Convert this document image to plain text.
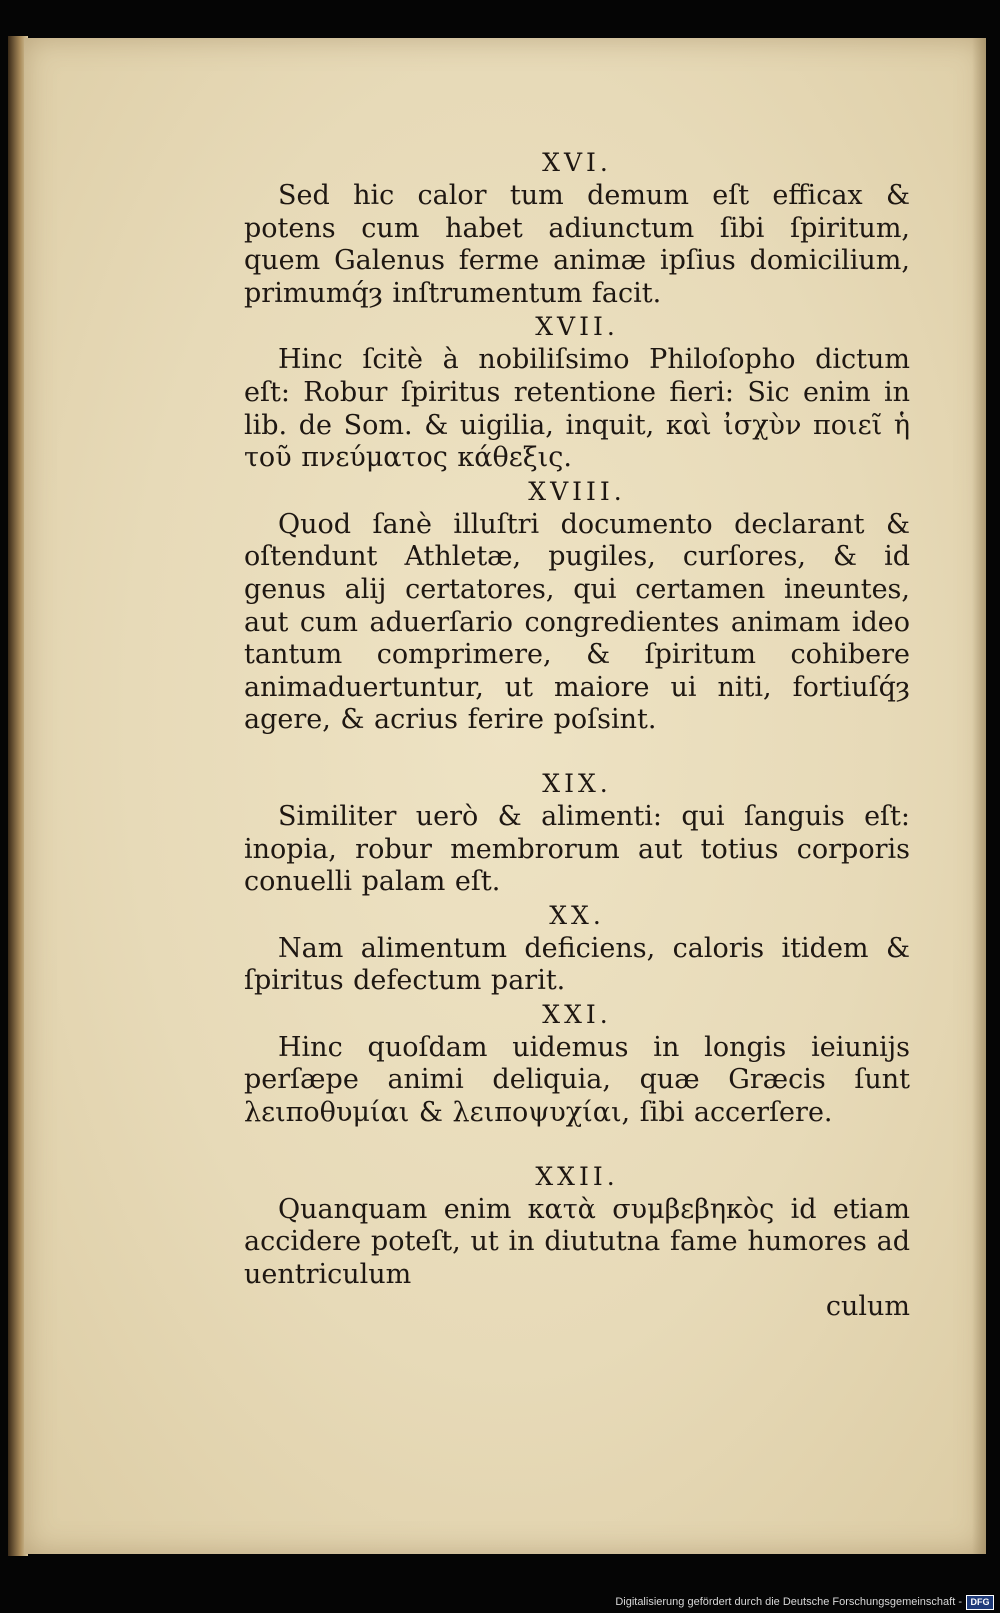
XVI.
Sed hic calor tum demum eſt efficax & potens cum habet adiunctum ſibi ſpiritum, quem Galenus ferme animæ ipſius domicilium, primumq́ȝ inſtrumentum facit.
XVII.
Hinc ſcitè à nobiliſsimo Philoſopho dictum eſt: Robur ſpiritus retentione fieri: Sic enim in lib. de Som. & uigilia, inquit, καὶ ἰσχὺν ποιεῖ ἡ τοῦ πνεύματος κάθεξις.
XVIII.
Quod ſanè illuſtri documento declarant & oſtendunt Athletæ, pugiles, curſores, & id genus alij certatores, qui certamen ineuntes, aut cum aduerſario congredientes animam ideo tantum comprimere, & ſpiritum cohibere animaduertuntur, ut maiore ui niti, fortiuſq́ȝ agere, & acrius ferire poſsint.
XIX.
Similiter uerò & alimenti: qui ſanguis eſt: inopia, robur membrorum aut totius corporis conuelli palam eſt.
XX.
Nam alimentum deficiens, caloris itidem & ſpiritus defectum parit.
XXI.
Hinc quoſdam uidemus in longis ieiunijs perſæpe animi deliquia, quæ Græcis ſunt λειποθυμίαι & λειποψυχίαι, ſibi accerſere.
XXII.
Quanquam enim κατὰ συμβεβηκὸς id etiam accidere poteſt, ut in diututna fame humores ad uentriculum
culum
Digitalisierung gefördert durch die Deutsche Forschungsgemeinschaft - DFG
